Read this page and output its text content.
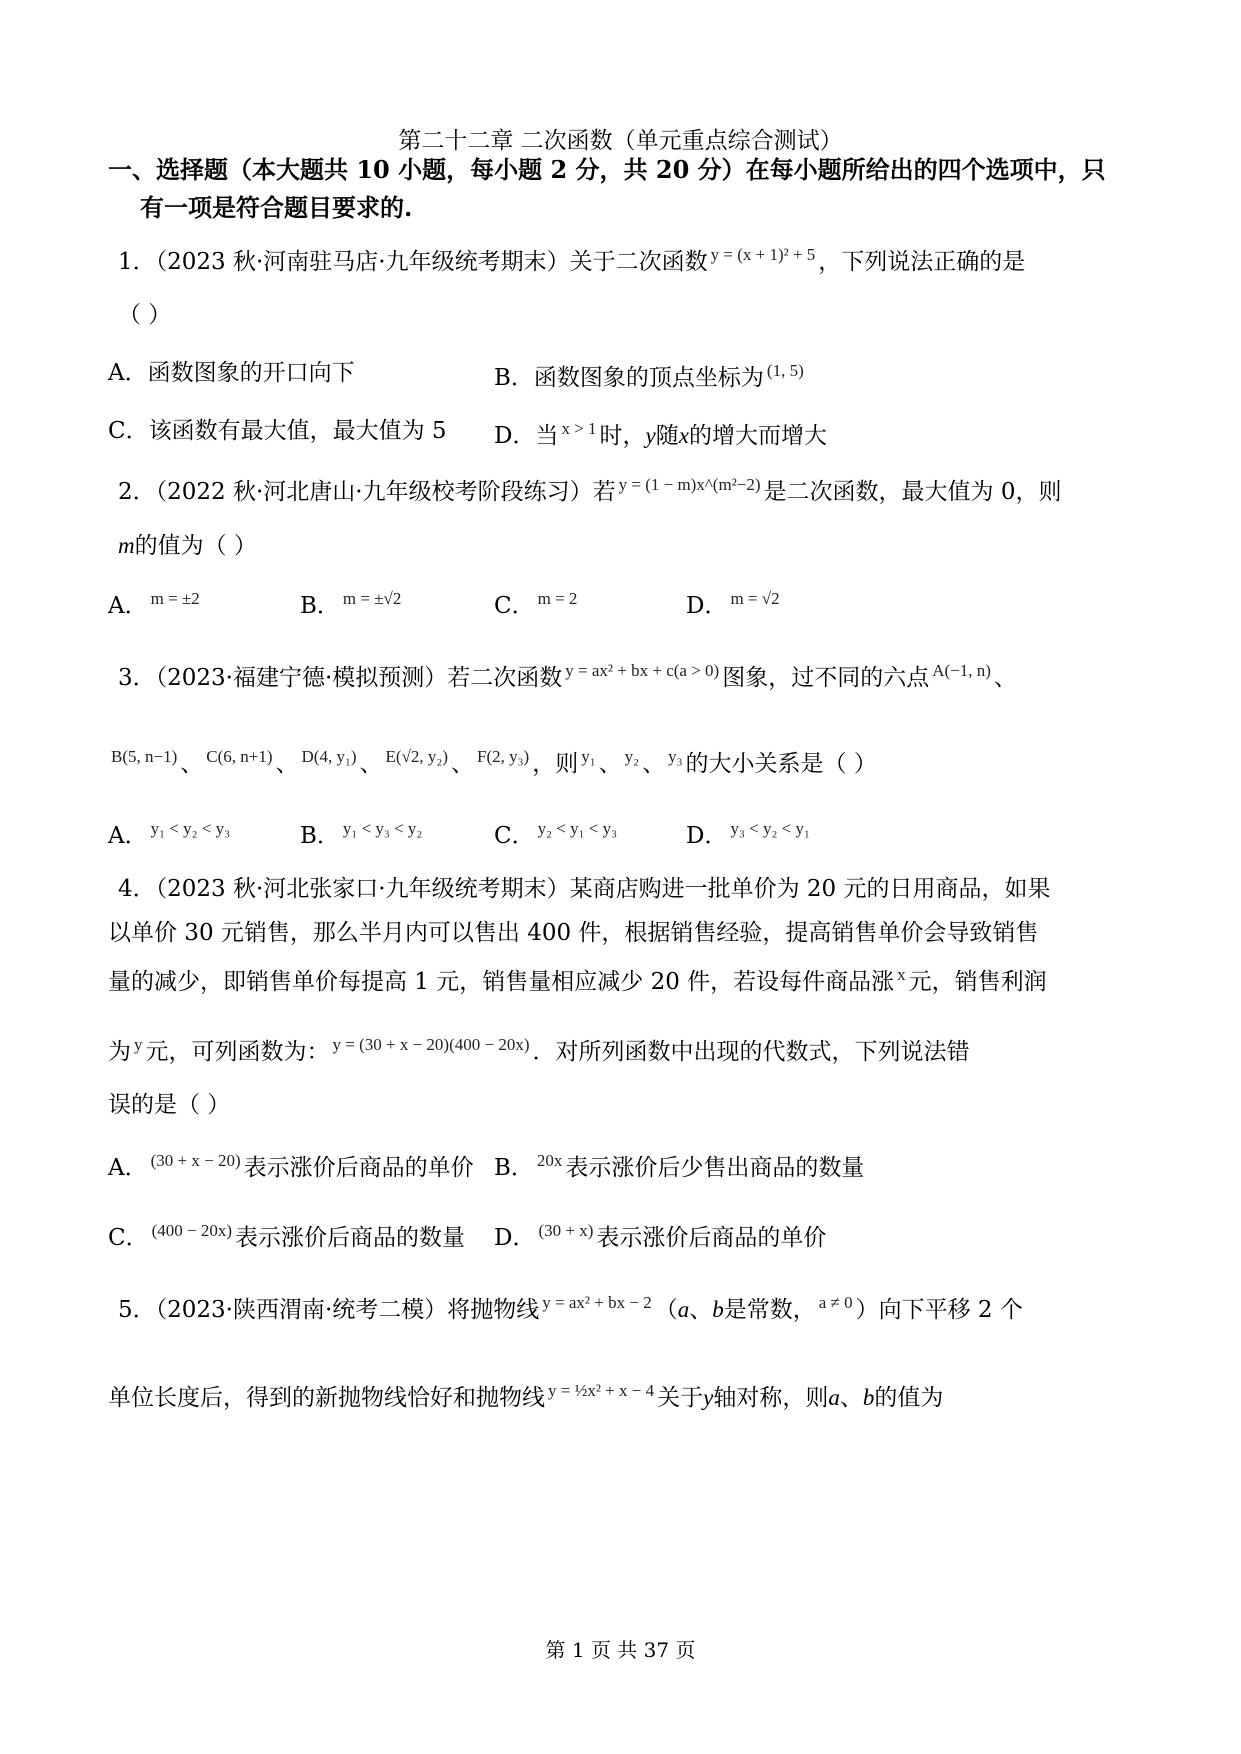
第二十二章 二次函数（单元重点综合测试）
一、选择题（本大题共 10 小题，每小题 2 分，共 20 分）在每小题所给出的四个选项中，只
有一项是符合题目要求的.
1．（2023 秋·河南驻马店·九年级统考期末）关于二次函数 $^{y = (x + 1)^2 + 5}$ ，下列说法正确的是
（ ）
A．函数图象的开口向下	B．函数图象的顶点坐标为 $^{(1, 5)}$
C．该函数有最大值，最大值为 5 D．当 $^{x > 1}$ 时，y随x的增大而增大
2．（2022 秋·河北唐山·九年级校考阶段练习）若 $^{y = (1 - m)x\^{}(m^2-2)}$ 是二次函数，最大值为 0，则
m的值为（ ）
A． $^{m = \pm 2}$	B． $^{m = \pm√2}$	C． $^{m = 2}$	D． $^{m = √2}$
3．（2023·福建宁德·模拟预测）若二次函数 $^{y = ax^2 + bx + c(a > 0)}$ 图象，过不同的六点 $^{A(-1, n)}$ 、
$^{B(5, n-1)}$ 、 $^{C(6, n+1)}$ 、 $^{D(4, y_1)}$ 、 $^{E(√2, y_2)}$ 、 $^{F(2, y_3)}$ ，则 $^{y_1}$ 、 $^{y_2}$ 、 $^{y_3}$ 的大小关系是（ ）
A． $^{y_1 < y_2 < y_3}$	B． $^{y_1 < y_3 < y_2}$	C． $^{y_2 < y_1 < y_3}$	D． $^{y_3 < y_2 < y_1}$
4．（2023 秋·河北张家口·九年级统考期末）某商店购进一批单价为 20 元的日用商品，如果
以单价 30 元销售，那么半月内可以售出 400 件，根据销售经验，提高销售单价会导致销售
量的减少，即销售单价每提高 1 元，销售量相应减少 20 件，若设每件商品涨 $^x$ 元，销售利润
为 $^y$ 元，可列函数为： $^{y = (30 + x - 20)(400 - 20x)}$ ．对所列函数中出现的代数式，下列说法错
误的是（ ）
A． $^{(30 + x - 20)}$ 表示涨价后商品的单价 B． $^{20x}$ 表示涨价后少售出商品的数量
C． $^{(400 - 20x)}$ 表示涨价后商品的数量 D． $^{(30 + x)}$ 表示涨价后商品的单价
5．（2023·陕西渭南·统考二模）将抛物线 $^{y = ax^2 + bx - 2}$ （a、b是常数， $^{a \ne 0}$ ）向下平移 2 个
单位长度后，得到的新抛物线恰好和抛物线 $^{y = \frac{1}{2}x^2 + x - 4}$ 关于y轴对称，则a、b的值为
第 1 页 共 37 页
